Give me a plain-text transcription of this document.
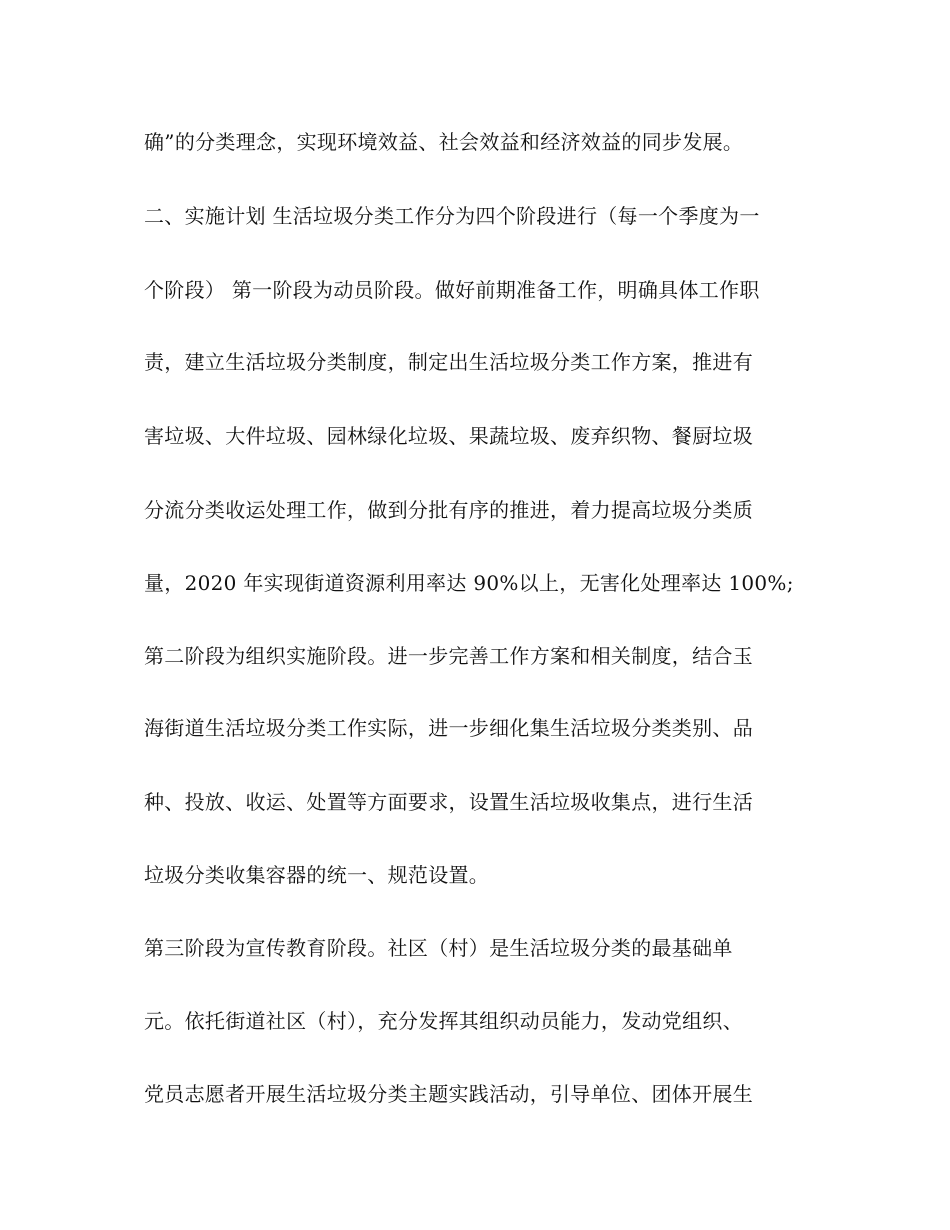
确”的分类理念，实现环境效益、社会效益和经济效益的同步发展。
二、实施计划 生活垃圾分类工作分为四个阶段进行（每一个季度为一
个阶段） 第一阶段为动员阶段。做好前期准备工作，明确具体工作职
责，建立生活垃圾分类制度，制定出生活垃圾分类工作方案，推进有
害垃圾、大件垃圾、园林绿化垃圾、果蔬垃圾、废弃织物、餐厨垃圾
分流分类收运处理工作，做到分批有序的推进，着力提高垃圾分类质
量，2020 年实现街道资源利用率达 90%以上，无害化处理率达 100%;
第二阶段为组织实施阶段。进一步完善工作方案和相关制度，结合玉
海街道生活垃圾分类工作实际，进一步细化集生活垃圾分类类别、品
种、投放、收运、处置等方面要求，设置生活垃圾收集点，进行生活
垃圾分类收集容器的统一、规范设置。
第三阶段为宣传教育阶段。社区（村）是生活垃圾分类的最基础单
元。依托街道社区（村），充分发挥其组织动员能力，发动党组织、
党员志愿者开展生活垃圾分类主题实践活动，引导单位、团体开展生
